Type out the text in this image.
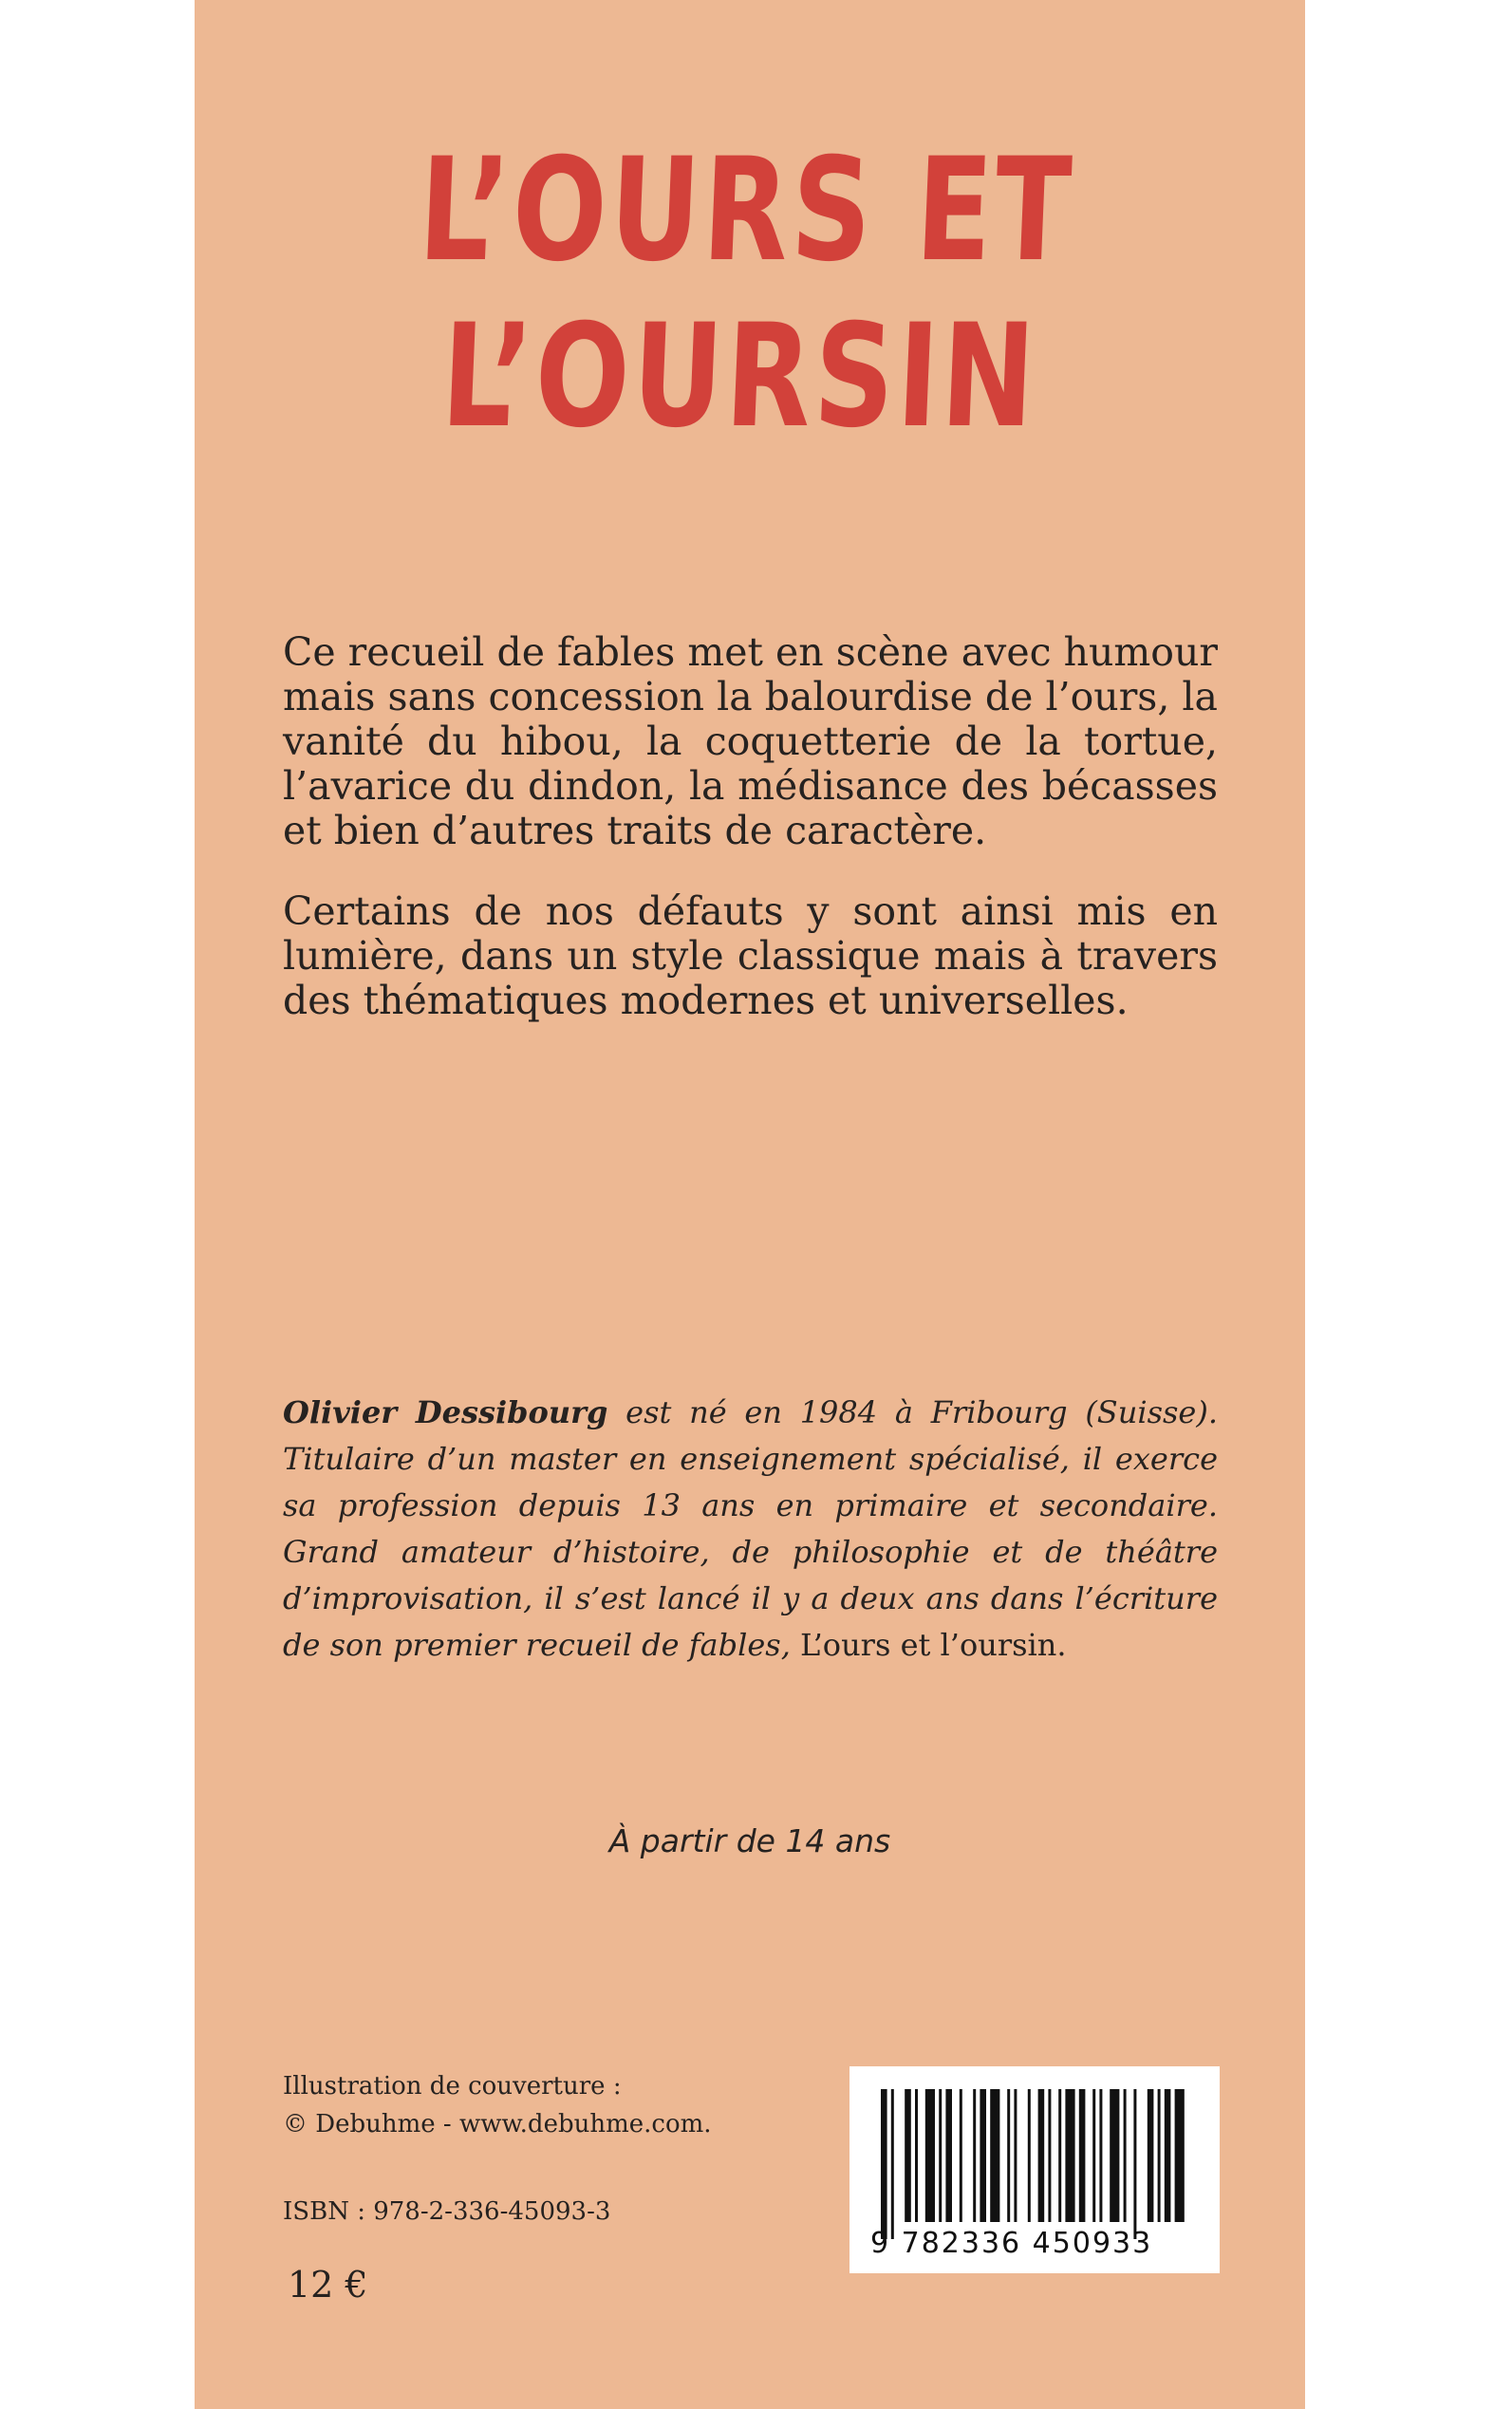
L’OURS ET
L’OURSIN

Ce recueil de fables met en scène avec humour mais sans concession la balourdise de l’ours, la vanité du hibou, la coquetterie de la tortue, l’avarice du dindon, la médisance des bécasses et bien d’autres traits de caractère.

Certains de nos défauts y sont ainsi mis en lumière, dans un style classique mais à travers des thématiques modernes et universelles.

Olivier Dessibourg est né en 1984 à Fribourg (Suisse). Titulaire d’un master en enseignement spécialisé, il exerce sa profession depuis 13 ans en primaire et secondaire. Grand amateur d’histoire, de philosophie et de théâtre d’improvisation, il s’est lancé il y a deux ans dans l’écriture de son premier recueil de fables, L’ours et l’oursin.
À partir de 14 ans
Illustration de couverture :
© Debuhme - www.debuhme.com.
ISBN : 978-2-336-45093-3
12 €
9 782336 450933
